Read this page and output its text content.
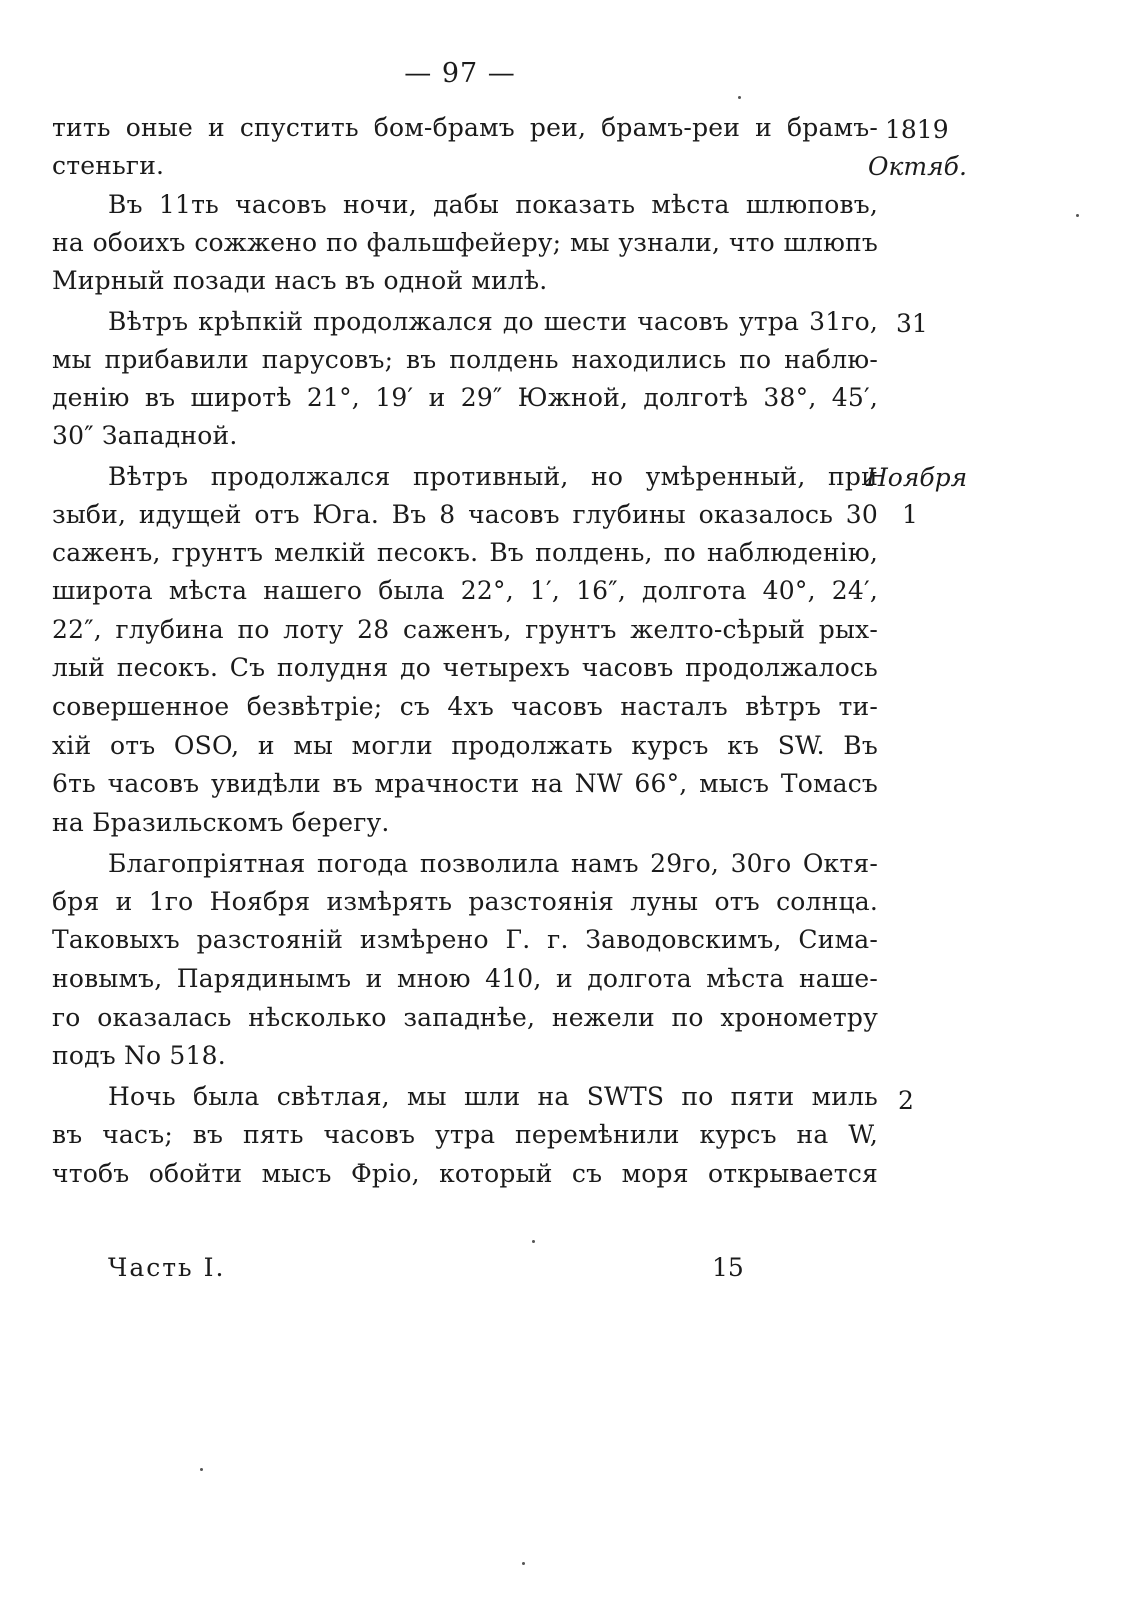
— 97 —
тить оные и спустить бом-брамъ реи, брамъ-реи и брамъ-
стеньги.
Въ 11ть часовъ ночи, дабы показать мѣста шлюповъ,
на обоихъ сожжено по фальшфейеру; мы узнали, что шлюпъ
Мирный позади насъ въ одной милѣ.
Вѣтръ крѣпкій продолжался до шести часовъ утра 31го,
мы прибавили парусовъ; въ полдень находились по наблю-
денію въ широтѣ 21°, 19′ и 29″ Южной, долготѣ 38°, 45′,
30″ Западной.
Вѣтръ продолжался противный, но умѣренный, при
зыби, идущей отъ Юга. Въ 8 часовъ глубины оказалось 30
саженъ, грунтъ мелкій песокъ. Въ полдень, по наблюденію,
широта мѣста нашего была 22°, 1′, 16″, долгота 40°, 24′,
22″, глубина по лоту 28 саженъ, грунтъ желто-сѣрый рых-
лый песокъ. Съ полудня до четырехъ часовъ продолжалось
совершенное безвѣтріе; съ 4хъ часовъ насталъ вѣтръ ти-
хій отъ OSO, и мы могли продолжать курсъ къ SW. Въ
6ть часовъ увидѣли въ мрачности на NW 66°, мысъ Томасъ
на Бразильскомъ берегу.
Благопріятная погода позволила намъ 29го, 30го Октя-
бря и 1го Ноября измѣрять разстоянія луны отъ солнца.
Таковыхъ разстояній измѣрено Г. г. Заводовскимъ, Сима-
новымъ, Парядинымъ и мною 410, и долгота мѣста наше-
го оказалась нѣсколько западнѣе, нежели по хронометру
подъ No 518.
Ночь была свѣтлая, мы шли на SWTS по пяти миль
въ часъ; въ пять часовъ утра перемѣнили курсъ на W,
чтобъ обойти мысъ Фріо, который съ моря открывается
1819
Октяб.
31
Ноября
1
2
Часть I.	15
